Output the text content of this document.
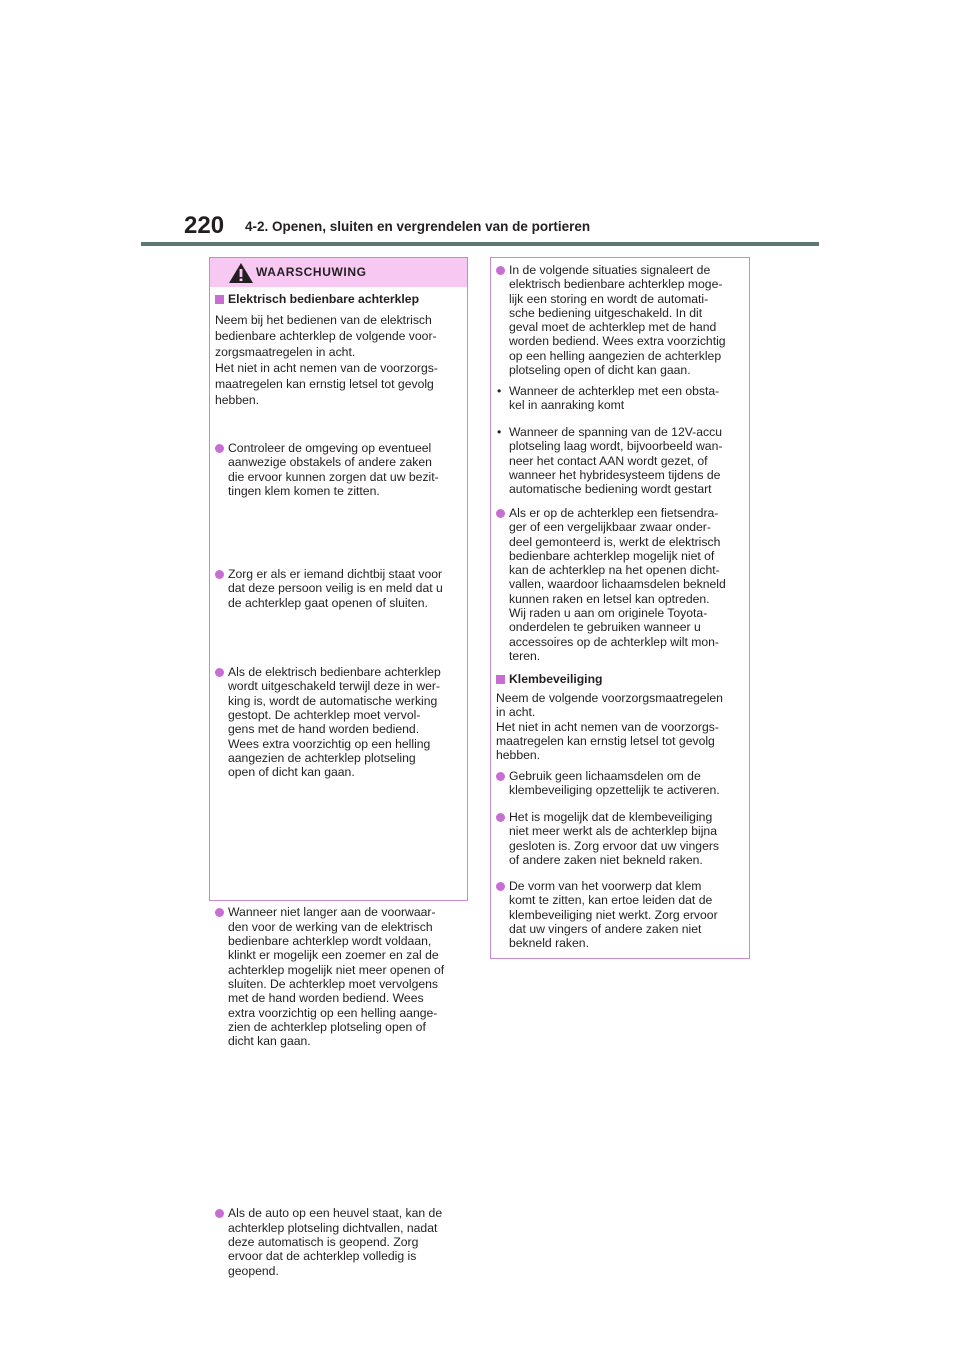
220 4-2. Openen, sluiten en vergrendelen van de portieren
WAARSCHUWING
Elektrisch bedienbare achterklep
Neem bij het bedienen van de elektrisch
bedienbare achterklep de volgende voor-
zorgsmaatregelen in acht.
Het niet in acht nemen van de voorzorgs-
maatregelen kan ernstig letsel tot gevolg
hebben.
Controleer de omgeving op eventueel
aanwezige obstakels of andere zaken
die ervoor kunnen zorgen dat uw bezit-
tingen klem komen te zitten.
Zorg er als er iemand dichtbij staat voor
dat deze persoon veilig is en meld dat u
de achterklep gaat openen of sluiten.
Als de elektrisch bedienbare achterklep
wordt uitgeschakeld terwijl deze in wer-
king is, wordt de automatische werking
gestopt. De achterklep moet vervol-
gens met de hand worden bediend.
Wees extra voorzichtig op een helling
aangezien de achterklep plotseling
open of dicht kan gaan.
Wanneer niet langer aan de voorwaar-
den voor de werking van de elektrisch
bedienbare achterklep wordt voldaan,
klinkt er mogelijk een zoemer en zal de
achterklep mogelijk niet meer openen of
sluiten. De achterklep moet vervolgens
met de hand worden bediend. Wees
extra voorzichtig op een helling aange-
zien de achterklep plotseling open of
dicht kan gaan.
Als de auto op een heuvel staat, kan de
achterklep plotseling dichtvallen, nadat
deze automatisch is geopend. Zorg
ervoor dat de achterklep volledig is
geopend.
In de volgende situaties signaleert de
elektrisch bedienbare achterklep moge-
lijk een storing en wordt de automati-
sche bediening uitgeschakeld. In dit
geval moet de achterklep met de hand
worden bediend. Wees extra voorzichtig
op een helling aangezien de achterklep
plotseling open of dicht kan gaan.
• Wanneer de achterklep met een obsta-
kel in aanraking komt
• Wanneer de spanning van de 12V-accu
plotseling laag wordt, bijvoorbeeld wan-
neer het contact AAN wordt gezet, of
wanneer het hybridesysteem tijdens de
automatische bediening wordt gestart
Als er op de achterklep een fietsendra-
ger of een vergelijkbaar zwaar onder-
deel gemonteerd is, werkt de elektrisch
bedienbare achterklep mogelijk niet of
kan de achterklep na het openen dicht-
vallen, waardoor lichaamsdelen bekneld
kunnen raken en letsel kan optreden.
Wij raden u aan om originele Toyota-
onderdelen te gebruiken wanneer u
accessoires op de achterklep wilt mon-
teren.
Klembeveiliging
Neem de volgende voorzorgsmaatregelen
in acht.
Het niet in acht nemen van de voorzorgs-
maatregelen kan ernstig letsel tot gevolg
hebben.
Gebruik geen lichaamsdelen om de
klembeveiliging opzettelijk te activeren.
Het is mogelijk dat de klembeveiliging
niet meer werkt als de achterklep bijna
gesloten is. Zorg ervoor dat uw vingers
of andere zaken niet bekneld raken.
De vorm van het voorwerp dat klem
komt te zitten, kan ertoe leiden dat de
klembeveiliging niet werkt. Zorg ervoor
dat uw vingers of andere zaken niet
bekneld raken.
